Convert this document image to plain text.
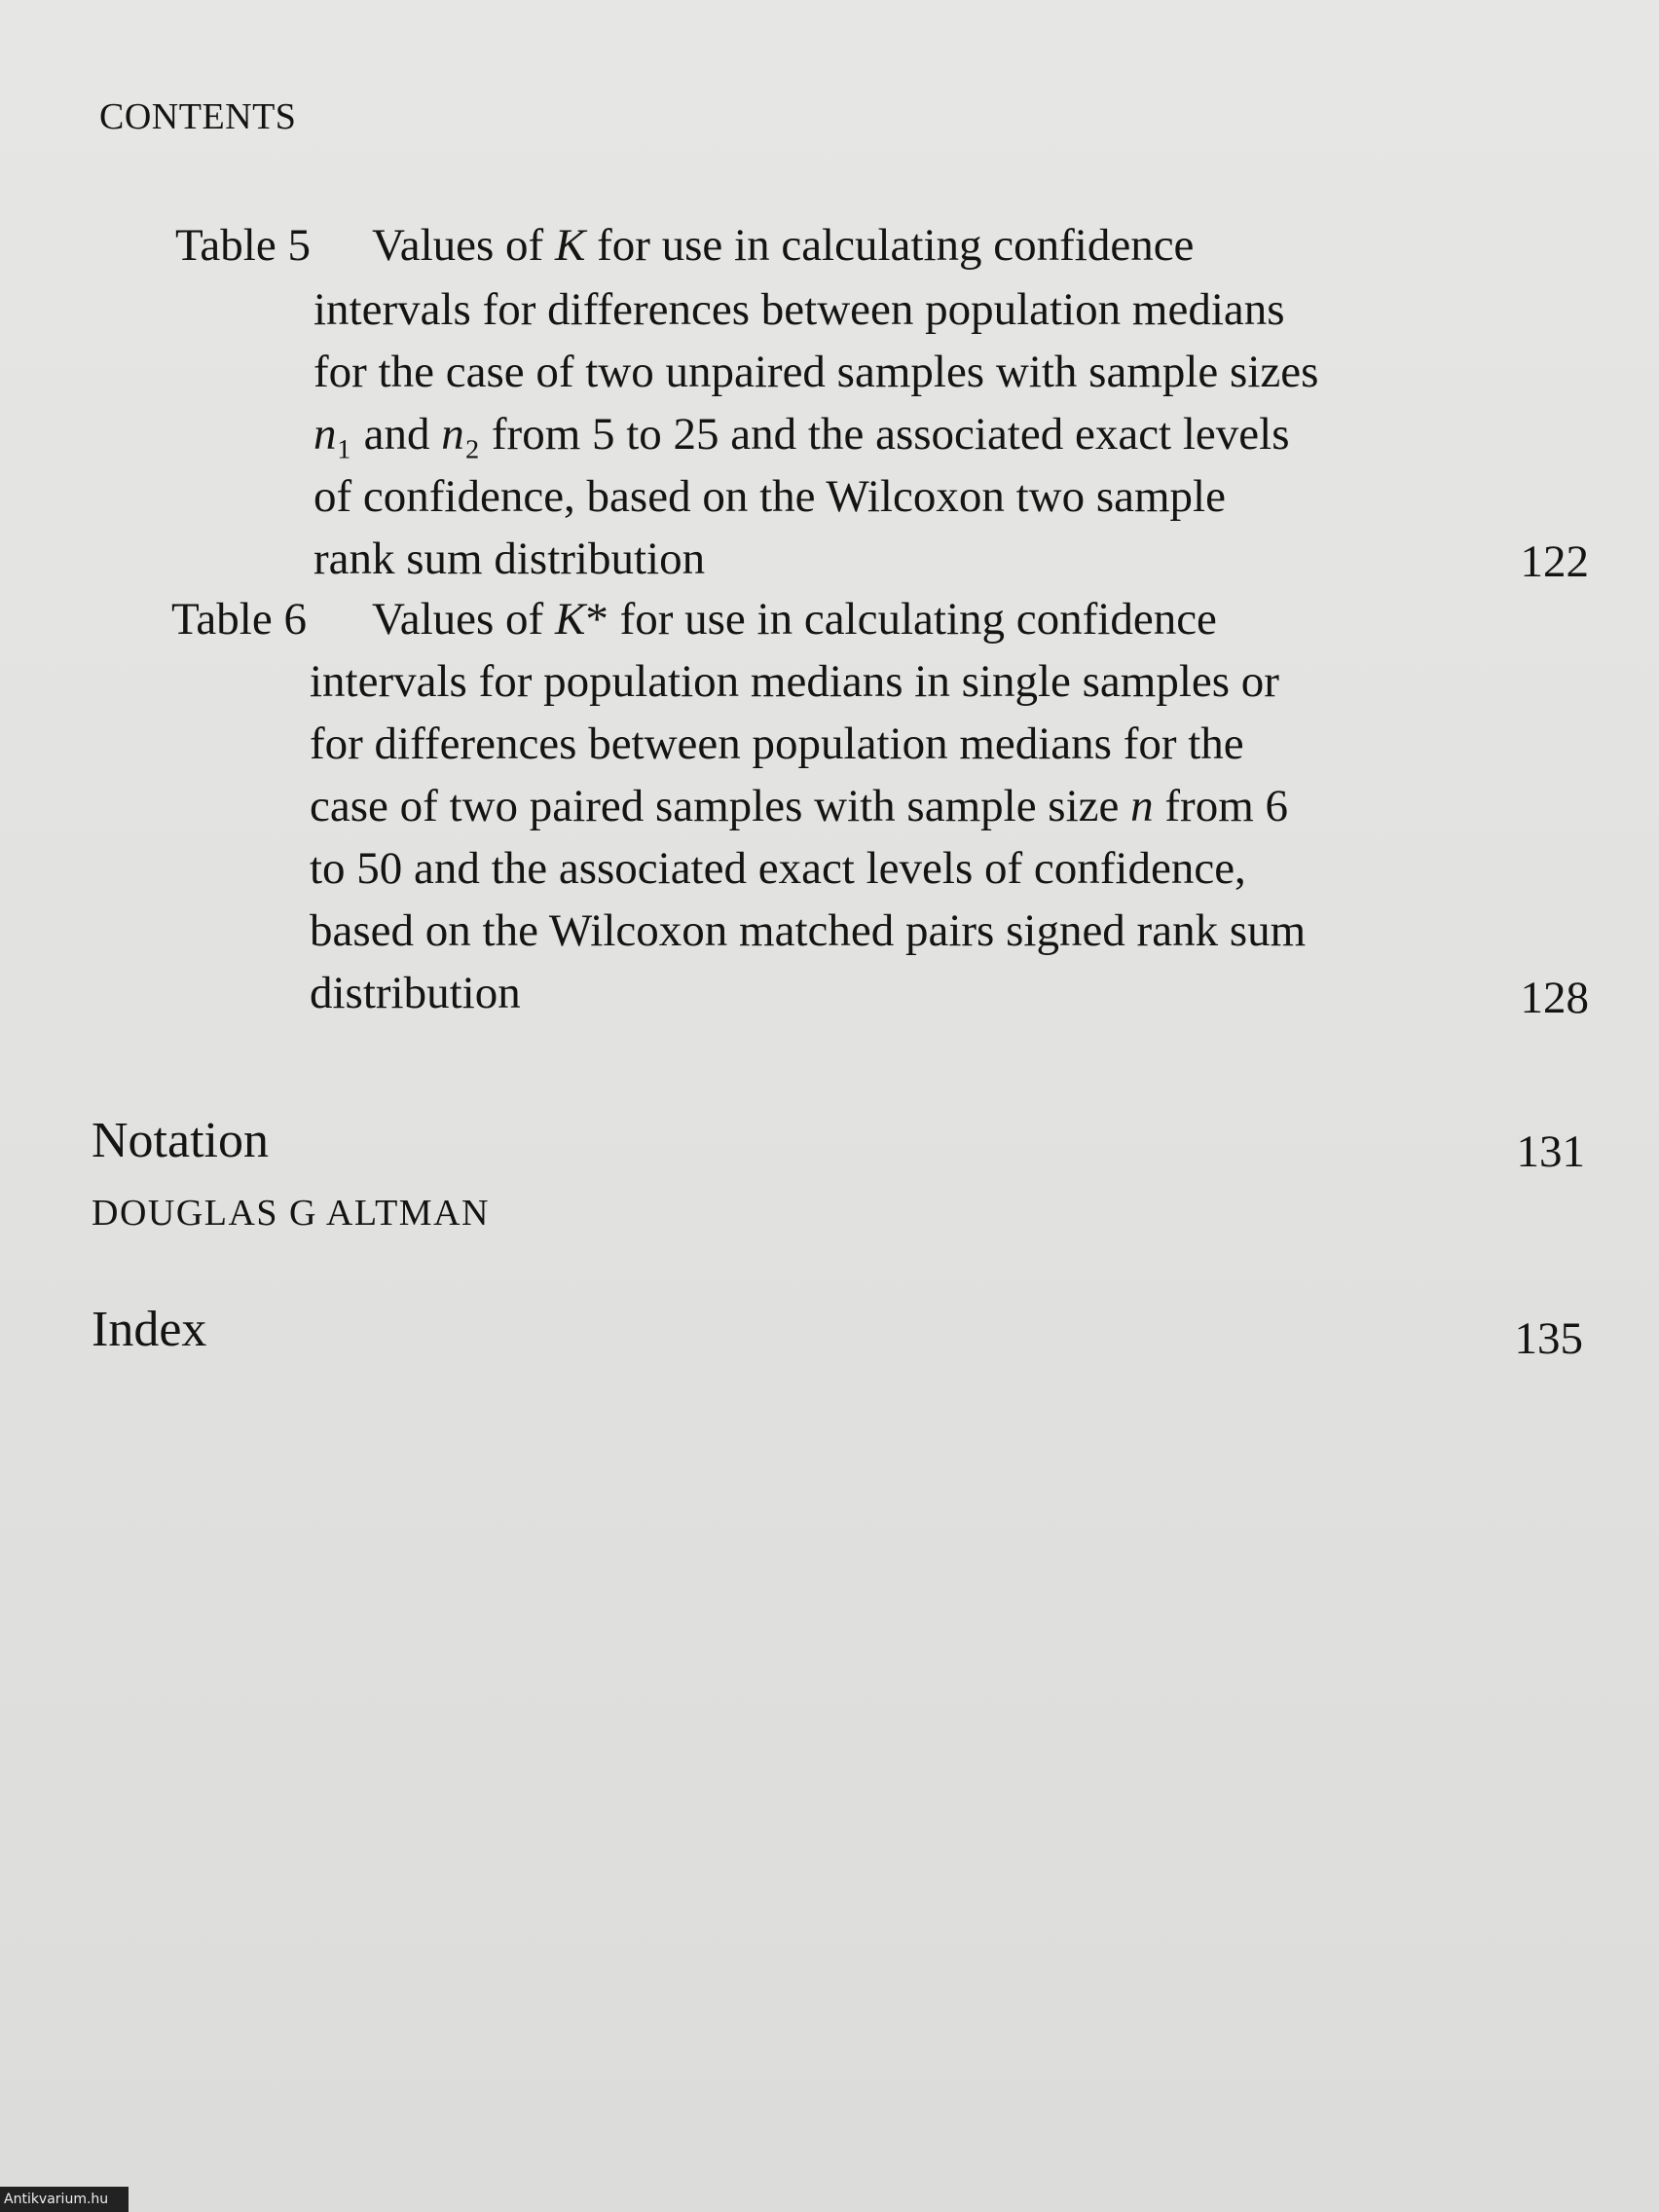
CONTENTS
Table 5 Values of K for use in calculating confidence
intervals for differences between population medians
for the case of two unpaired samples with sample sizes
n₁ and n₂ from 5 to 25 and the associated exact levels
of confidence, based on the Wilcoxon two sample
rank sum distribution	122
Table 6 Values of K* for use in calculating confidence
intervals for population medians in single samples or
for differences between population medians for the
case of two paired samples with sample size n from 6
to 50 and the associated exact levels of confidence,
based on the Wilcoxon matched pairs signed rank sum
distribution	128
Notation	131
DOUGLAS G ALTMAN
Index	135
Antikvarium.hu
